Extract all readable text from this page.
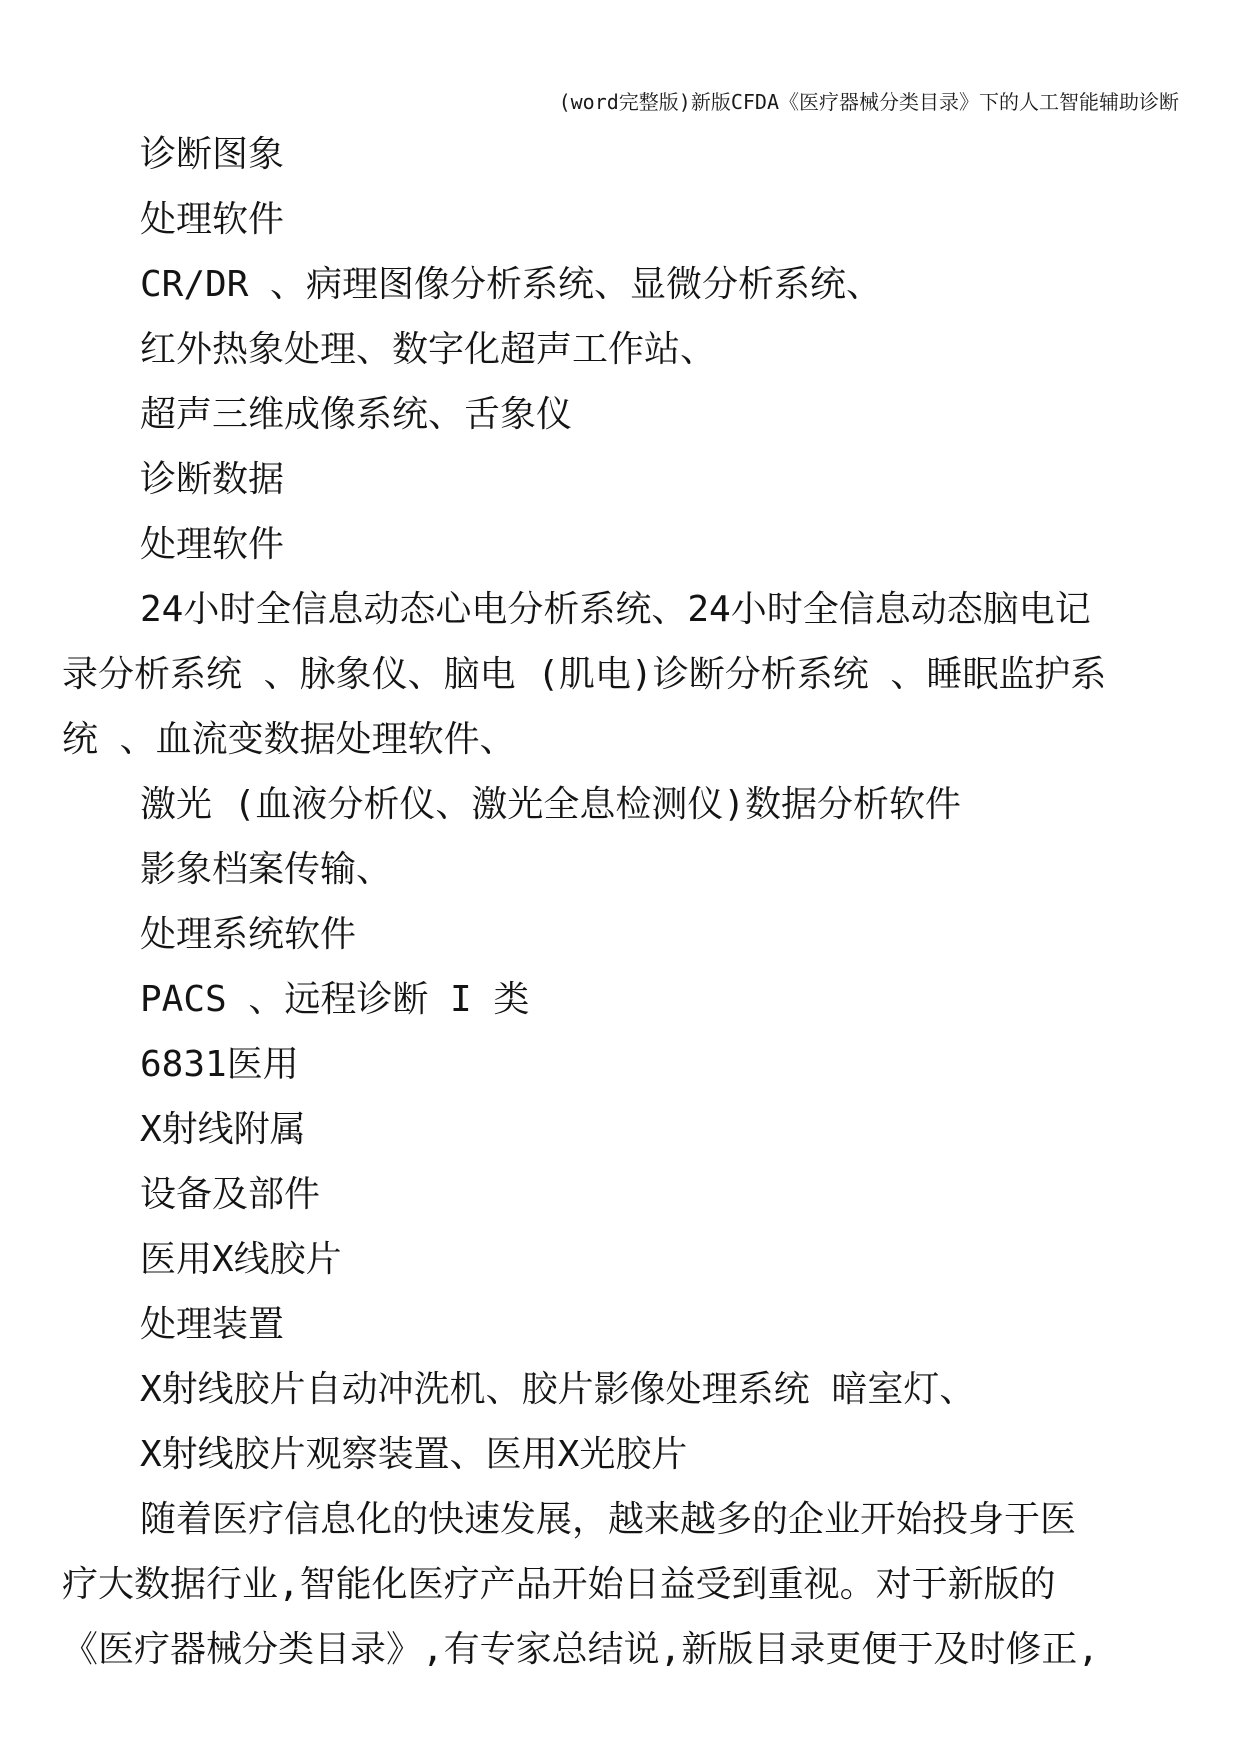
(word完整版)新版CFDA《医疗器械分类目录》下的人工智能辅助诊断
诊断图象
处理软件
CR/DR 、病理图像分析系统、显微分析系统、
红外热象处理、数字化超声工作站、
超声三维成像系统、舌象仪
诊断数据
处理软件
24小时全信息动态心电分析系统、24小时全信息动态脑电记
录分析系统 、脉象仪、脑电 (肌电)诊断分析系统 、睡眠监护系
统 、血流变数据处理软件、
激光 (血液分析仪、激光全息检测仪)数据分析软件
影象档案传输、
处理系统软件
PACS 、远程诊断 I 类
6831医用
X射线附属
设备及部件
医用X线胶片
处理装置
X射线胶片自动冲洗机、胶片影像处理系统 暗室灯、
X射线胶片观察装置、医用X光胶片
随着医疗信息化的快速发展，越来越多的企业开始投身于医
疗大数据行业,智能化医疗产品开始日益受到重视。对于新版的
《医疗器械分类目录》,有专家总结说,新版目录更便于及时修正,
